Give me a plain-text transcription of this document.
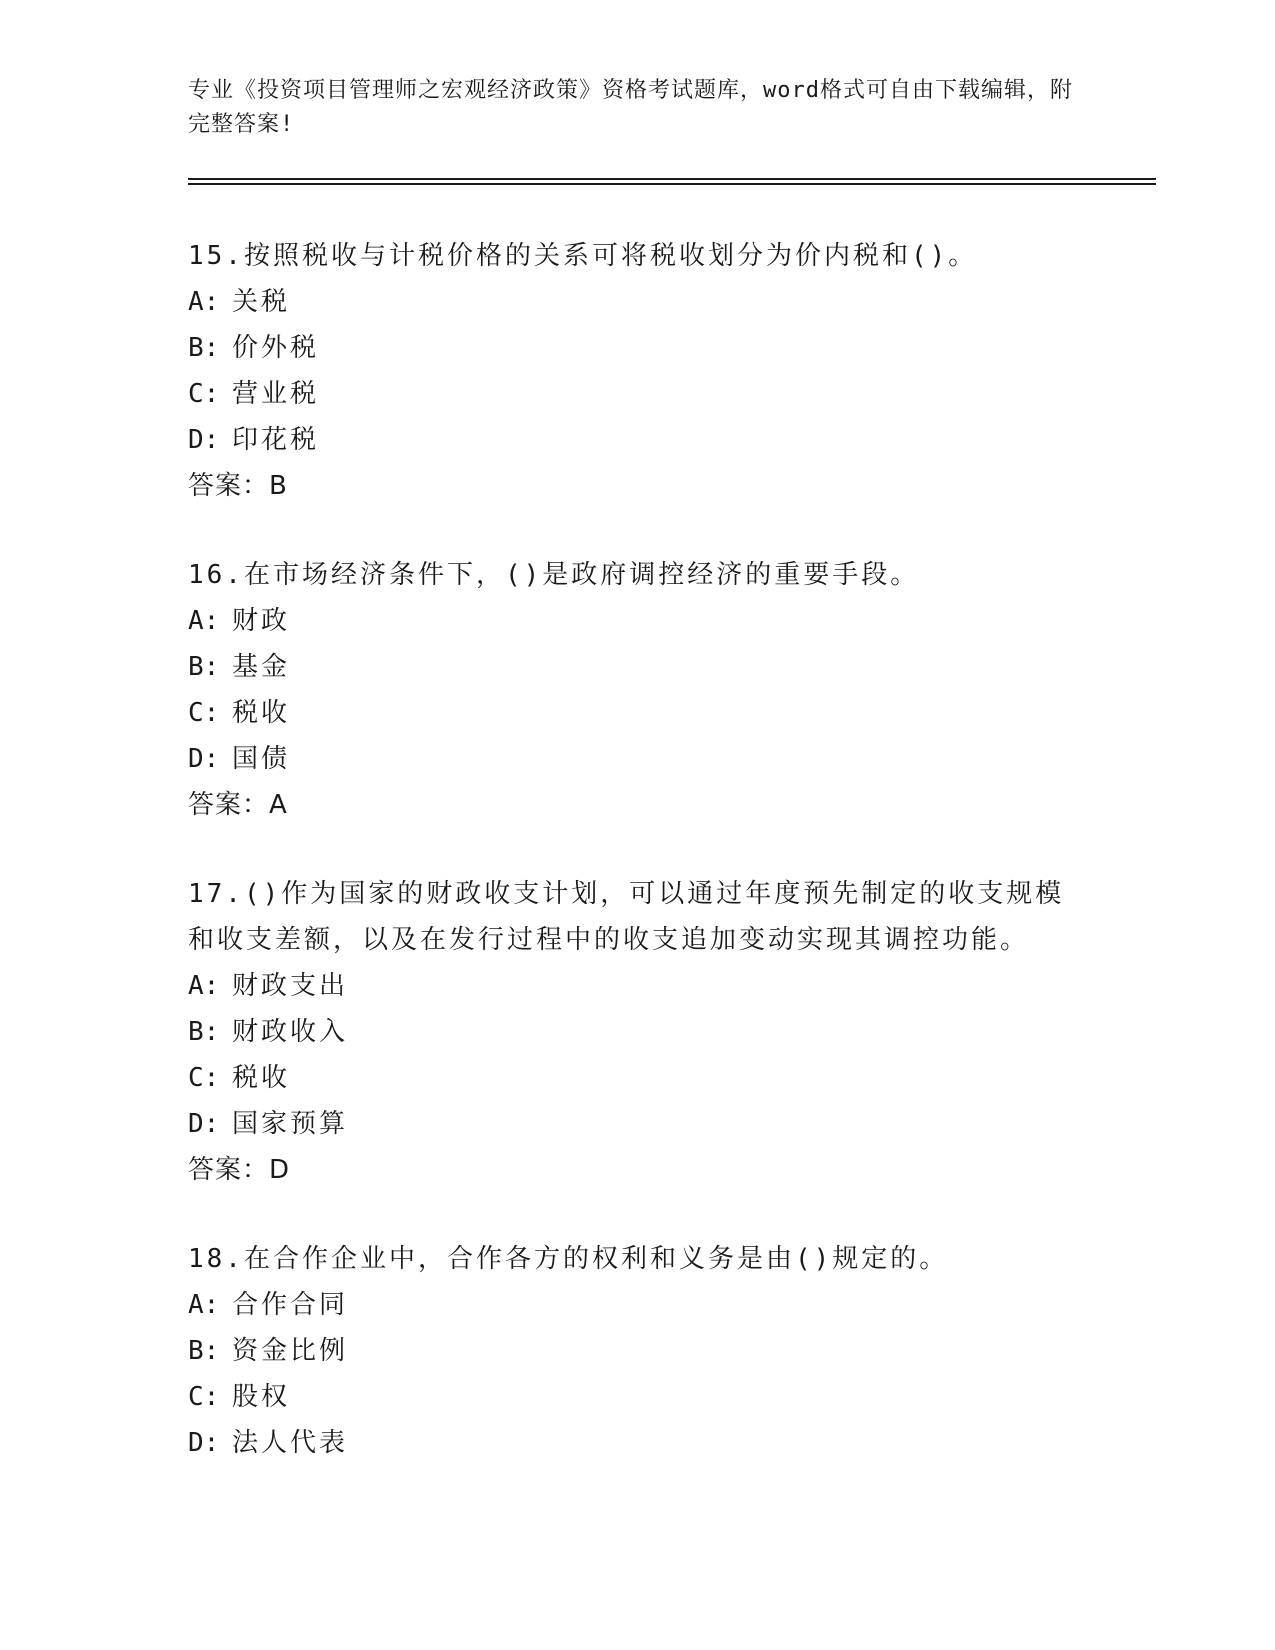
专业《投资项目管理师之宏观经济政策》资格考试题库，word格式可自由下载编辑，附完整答案!

15.按照税收与计税价格的关系可将税收划分为价内税和()。

A: 关税

B: 价外税

C: 营业税

D: 印花税

答案：B

16.在市场经济条件下，()是政府调控经济的重要手段。

A: 财政

B: 基金

C: 税收

D: 国债

答案：A

17.()作为国家的财政收支计划，可以通过年度预先制定的收支规模和收支差额，以及在发行过程中的收支追加变动实现其调控功能。

A: 财政支出

B: 财政收入

C: 税收

D: 国家预算

答案：D

18.在合作企业中，合作各方的权利和义务是由()规定的。

A: 合作合同

B: 资金比例

C: 股权

D: 法人代表
